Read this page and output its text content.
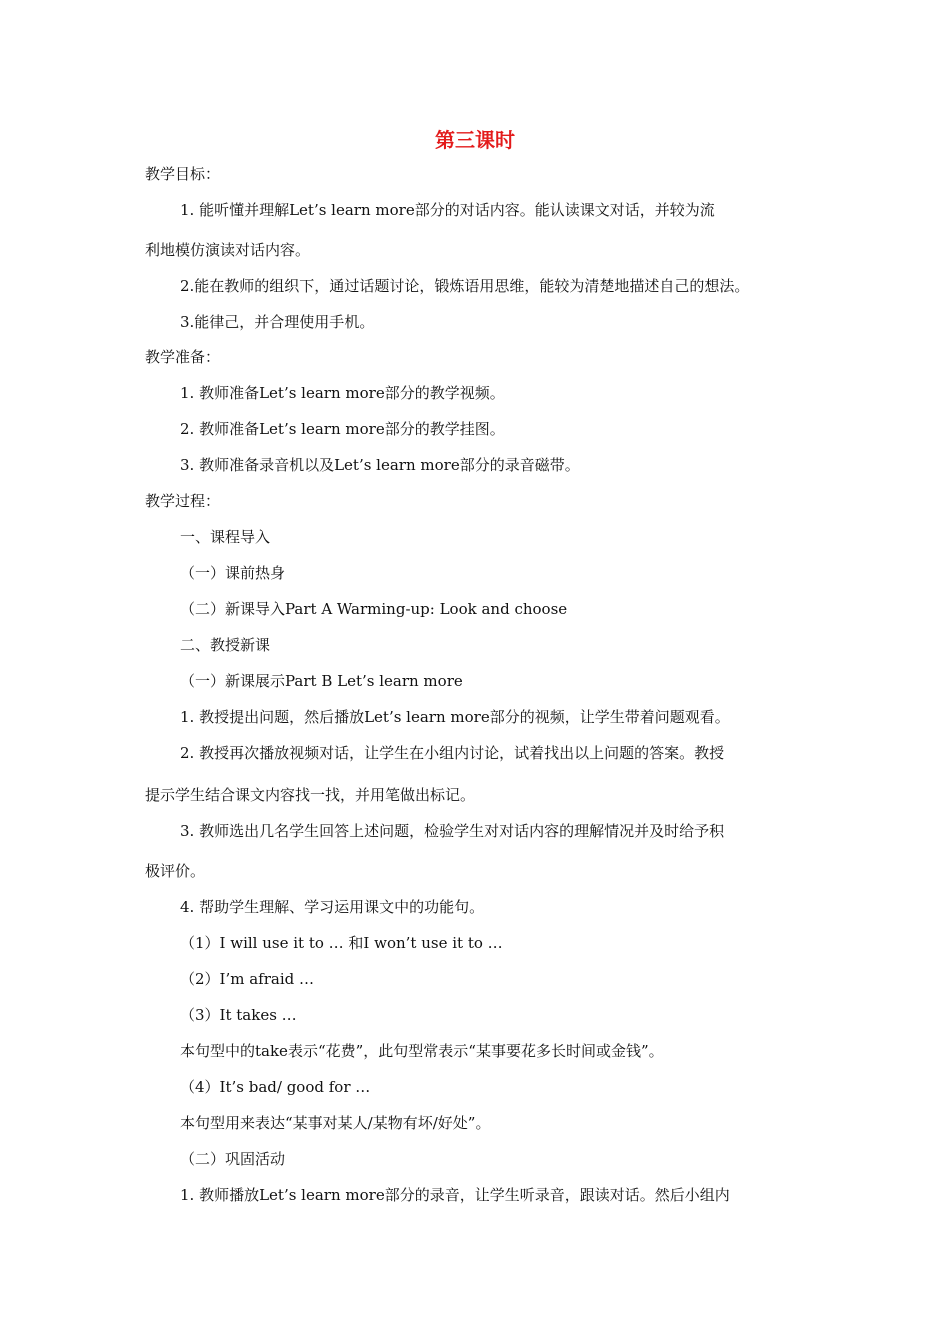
第三课时
教学目标：
1. 能听懂并理解Let’s learn more部分的对话内容。能认读课文对话，并较为流
利地模仿演读对话内容。
2.能在教师的组织下，通过话题讨论，锻炼语用思维，能较为清楚地描述自己的想法。
3.能律己，并合理使用手机。
教学准备：
1. 教师准备Let’s learn more部分的教学视频。
2. 教师准备Let’s learn more部分的教学挂图。
3. 教师准备录音机以及Let’s learn more部分的录音磁带。
教学过程：
一、课程导入
（一）课前热身
（二）新课导入Part A Warming-up: Look and choose
二、教授新课
（一）新课展示Part B Let’s learn more
1. 教授提出问题，然后播放Let’s learn more部分的视频，让学生带着问题观看。
2. 教授再次播放视频对话，让学生在小组内讨论，试着找出以上问题的答案。教授
提示学生结合课文内容找一找，并用笔做出标记。
3. 教师选出几名学生回答上述问题，检验学生对对话内容的理解情况并及时给予积
极评价。
4. 帮助学生理解、学习运用课文中的功能句。
（1）I will use it to … 和I won’t use it to …
（2）I’m afraid …
（3）It takes …
本句型中的take表示“花费”，此句型常表示“某事要花多长时间或金钱”。
（4）It’s bad/ good for …
本句型用来表达“某事对某人/某物有坏/好处”。
（二）巩固活动
1. 教师播放Let’s learn more部分的录音，让学生听录音，跟读对话。然后小组内
